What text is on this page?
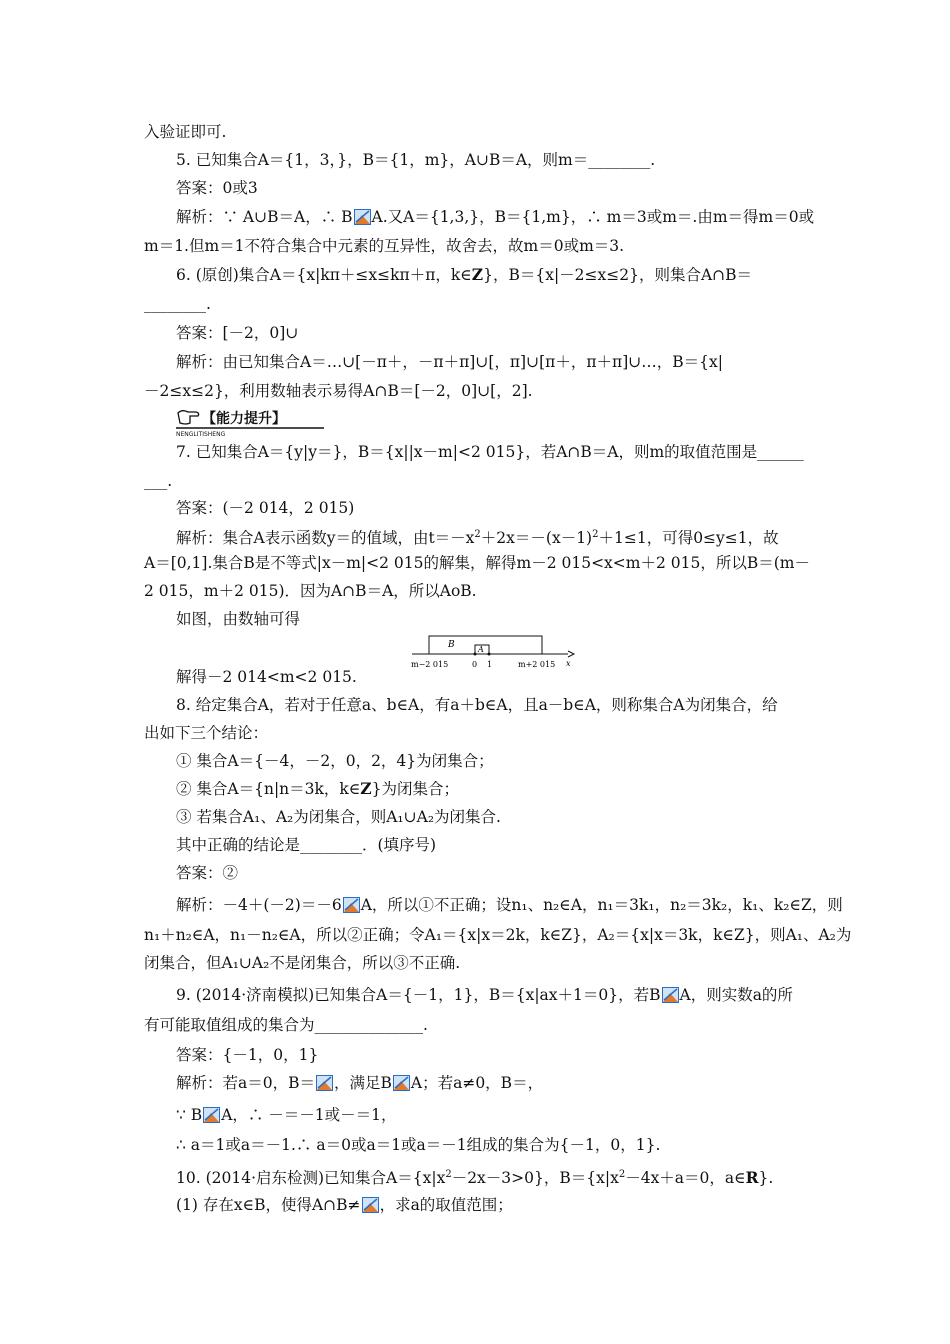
入验证即可.
5. 已知集合A＝{1，3，}，B＝{1，m}，A∪B＝A，则m＝________.
答案：0或3
解析：∵ A∪B＝A，∴ B A.又A＝{1,3,}，B＝{1,m}，∴ m＝3或m＝.由m＝得m＝0或
m＝1.但m＝1不符合集合中元素的互异性，故舍去，故m＝0或m＝3.
6. (原创)集合A＝{x|kπ＋≤x≤kπ＋π，k∈Z}，B＝{x|－2≤x≤2}，则集合A∩B＝
________.
答案：[－2，0]∪
解析：由已知集合A＝…∪[－π＋，－π＋π]∪[，π]∪[π＋，π＋π]∪…，B＝{x|
－2≤x≤2}，利用数轴表示易得A∩B＝[－2，0]∪[，2].
【能力提升】
NENGLITISHENG
7. 已知集合A＝{y|y＝}，B＝{x||x－m|<2 015}，若A∩B＝A，则m的取值范围是______
___.
答案：(－2 014，2 015)
解析：集合A表示函数y＝的值域，由$t=-x^2+2x=-(x-1)^2+1\le 1$，可得0≤y≤1，故
A＝[0,1].集合B是不等式|x－m|<2 015的解集，解得m－2 015<x<m＋2 015，所以B＝(m－
2 015，m＋2 015)．因为A∩B＝A，所以AoB.
如图，由数轴可得
B	A
m−2 015	0 1	m+2 015 x
解得－2 014<m<2 015.
8. 给定集合A，若对于任意a、b∈A，有a＋b∈A，且a－b∈A，则称集合A为闭集合，给
出如下三个结论：
① 集合A＝{－4，－2，0，2，4}为闭集合；
② 集合A＝{n|n＝3k，k∈Z}为闭集合；
③ 若集合A₁、A₂为闭集合，则A₁∪A₂为闭集合.
其中正确的结论是________．(填序号)
答案：②
解析：－4＋(－2)＝－6 A，所以①不正确；设n₁、n₂∈A，n₁＝3k₁，n₂＝3k₂，k₁、k₂∈Z，则
n₁＋n₂∈A，n₁－n₂∈A，所以②正确；令A₁＝{x|x＝2k，k∈Z}，A₂＝{x|x＝3k，k∈Z}，则A₁、A₂为
闭集合，但A₁∪A₂不是闭集合，所以③不正确.
9. (2014·济南模拟)已知集合A＝{－1，1}，B＝{x|ax＋1＝0}，若B A，则实数a的所
有可能取值组成的集合为______________.
答案：{－1，0，1}
解析：若a＝0，B＝ ，满足B A；若a≠0，B＝，
∵ B A，∴ －＝－1或－＝1，
∴ a＝1或a＝－1.∴ a＝0或a＝1或a＝－1组成的集合为{－1，0，1}.
10. (2014·启东检测)已知集合$A=\{x|x^2-2x-3>0\}$，$B=\{x|x^2-4x+a=0$，a∈R}.
(1) 存在x∈B，使得A∩B≠ ，求a的取值范围；
